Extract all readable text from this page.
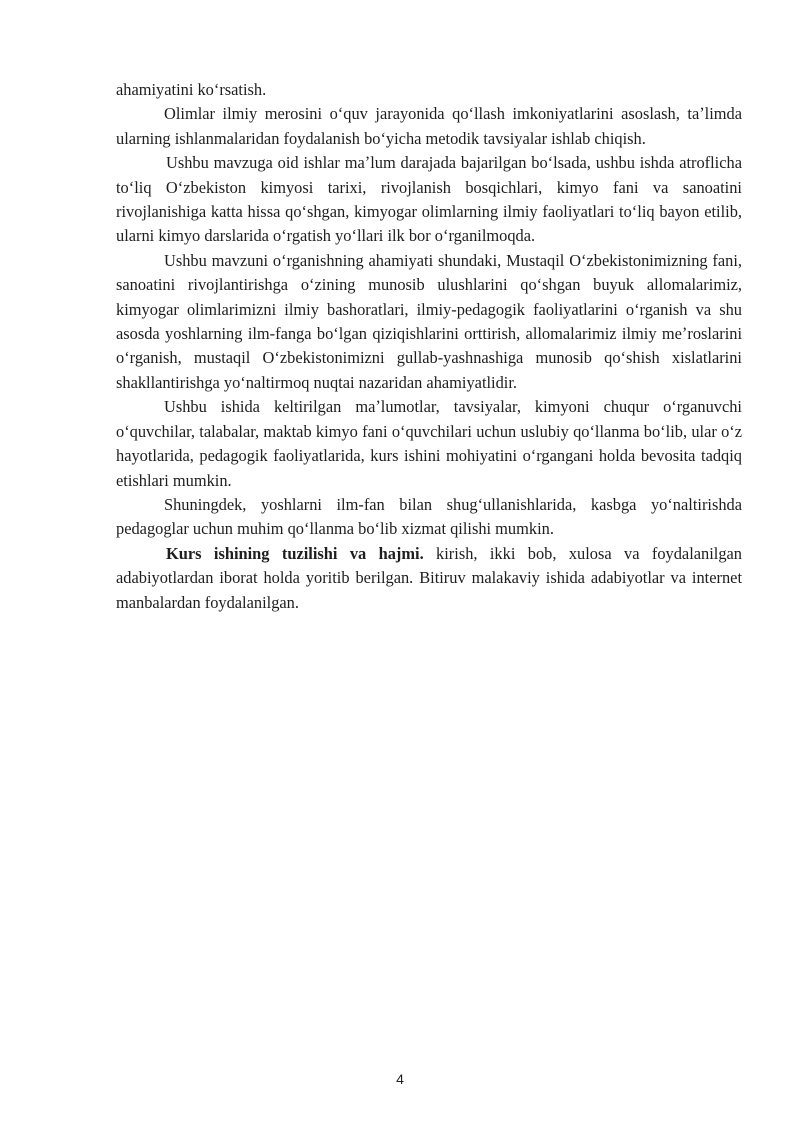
ahamiyatini koʻrsatish.

Olimlar ilmiy merosini oʻquv jarayonida qoʻllash imkoniyatlarini asoslash, taʼlimda ularning ishlanmalaridan foydalanish boʻyicha metodik tavsiyalar ishlab chiqish.

Ushbu mavzuga oid ishlar maʼlum darajada bajarilgan boʻlsada, ushbu ishda atroflicha toʻliq Oʻzbekiston kimyosi tarixi, rivojlanish bosqichlari, kimyo fani va sanoatini rivojlanishiga katta hissa qoʻshgan, kimyogar olimlarning ilmiy faoliyatlari toʻliq bayon etilib, ularni kimyo darslarida oʻrgatish yoʻllari ilk bor oʻrganilmoqda.

Ushbu mavzuni oʻrganishning ahamiyati shundaki, Mustaqil Oʻzbekistonimizning fani, sanoatini rivojlantirishga oʻzining munosib ulushlarini qoʻshgan buyuk allomalarimiz, kimyogar olimlarimizni ilmiy bashoratlari, ilmiy-pedagogik faoliyatlarini oʻrganish va shu asosda yoshlarning ilm-fanga boʻlgan qiziqishlarini orttirish, allomalarimiz ilmiy meʼroslarini oʻrganish, mustaqil Oʻzbekistonimizni gullab-yashnashiga munosib qoʻshish xislatlarini shakllantirishga yoʻnaltirmoq nuqtai nazaridan ahamiyatlidir.

Ushbu ishida keltirilgan maʼlumotlar, tavsiyalar, kimyoni chuqur oʻrganuvchi oʻquvchilar, talabalar, maktab kimyo fani oʻquvchilari uchun uslubiy qoʻllanma boʻlib, ular oʻz hayotlarida, pedagogik faoliyatlarida, kurs ishini mohiyatini oʻrgangani holda bevosita tadqiq etishlari mumkin.

Shuningdek, yoshlarni ilm-fan bilan shugʻullanishlarida, kasbga yoʻnaltirishda pedagoglar uchun muhim qoʻllanma boʻlib xizmat qilishi mumkin.

Kurs ishining tuzilishi va hajmi. kirish, ikki bob, xulosa va foydalanilgan adabiyotlardan iborat holda yoritib berilgan. Bitiruv malakaviy ishida adabiyotlar va internet manbalardan foydalanilgan.

4
